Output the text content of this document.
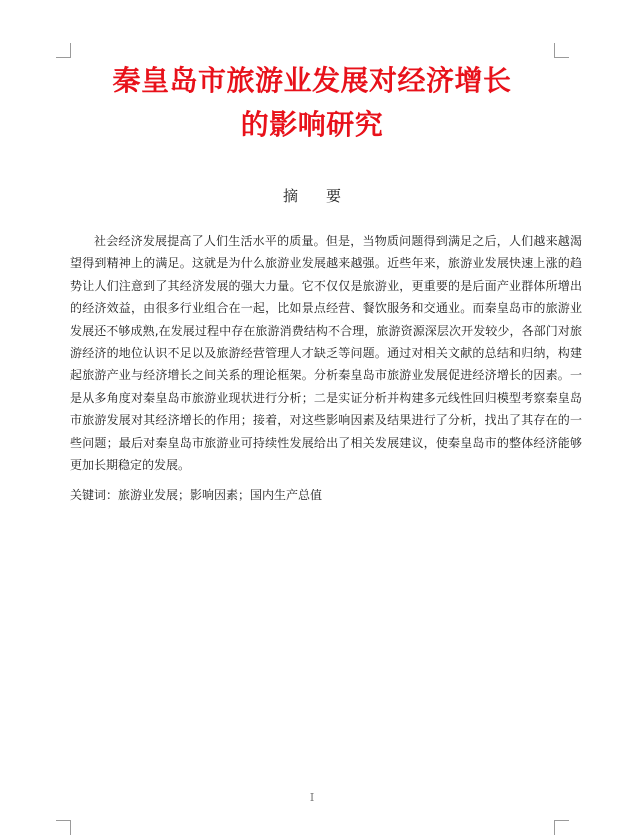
秦皇岛市旅游业发展对经济增长
的影响研究
摘要

社会经济发展提高了人们生活水平的质量。但是，当物质问题得到满足之后，人们越来越渴望得到精神上的满足。这就是为什么旅游业发展越来越强。近些年来，旅游业发展快速上涨的趋势让人们注意到了其经济发展的强大力量。它不仅仅是旅游业，更重要的是后面产业群体所增出的经济效益，由很多行业组合在一起，比如景点经营、餐饮服务和交通业。而秦皇岛市的旅游业发展还不够成熟,在发展过程中存在旅游消费结构不合理，旅游资源深层次开发较少，各部门对旅游经济的地位认识不足以及旅游经营管理人才缺乏等问题。通过对相关文献的总结和归纳，构建起旅游产业与经济增长之间关系的理论框架。分析秦皇岛市旅游业发展促进经济增长的因素。一是从多角度对秦皇岛市旅游业现状进行分析；二是实证分析并构建多元线性回归模型考察秦皇岛市旅游发展对其经济增长的作用；接着，对这些影响因素及结果进行了分析，找出了其存在的一些问题；最后对秦皇岛市旅游业可持续性发展给出了相关发展建议，使秦皇岛市的整体经济能够更加长期稳定的发展。

关键词：旅游业发展；影响因素；国内生产总值
I
